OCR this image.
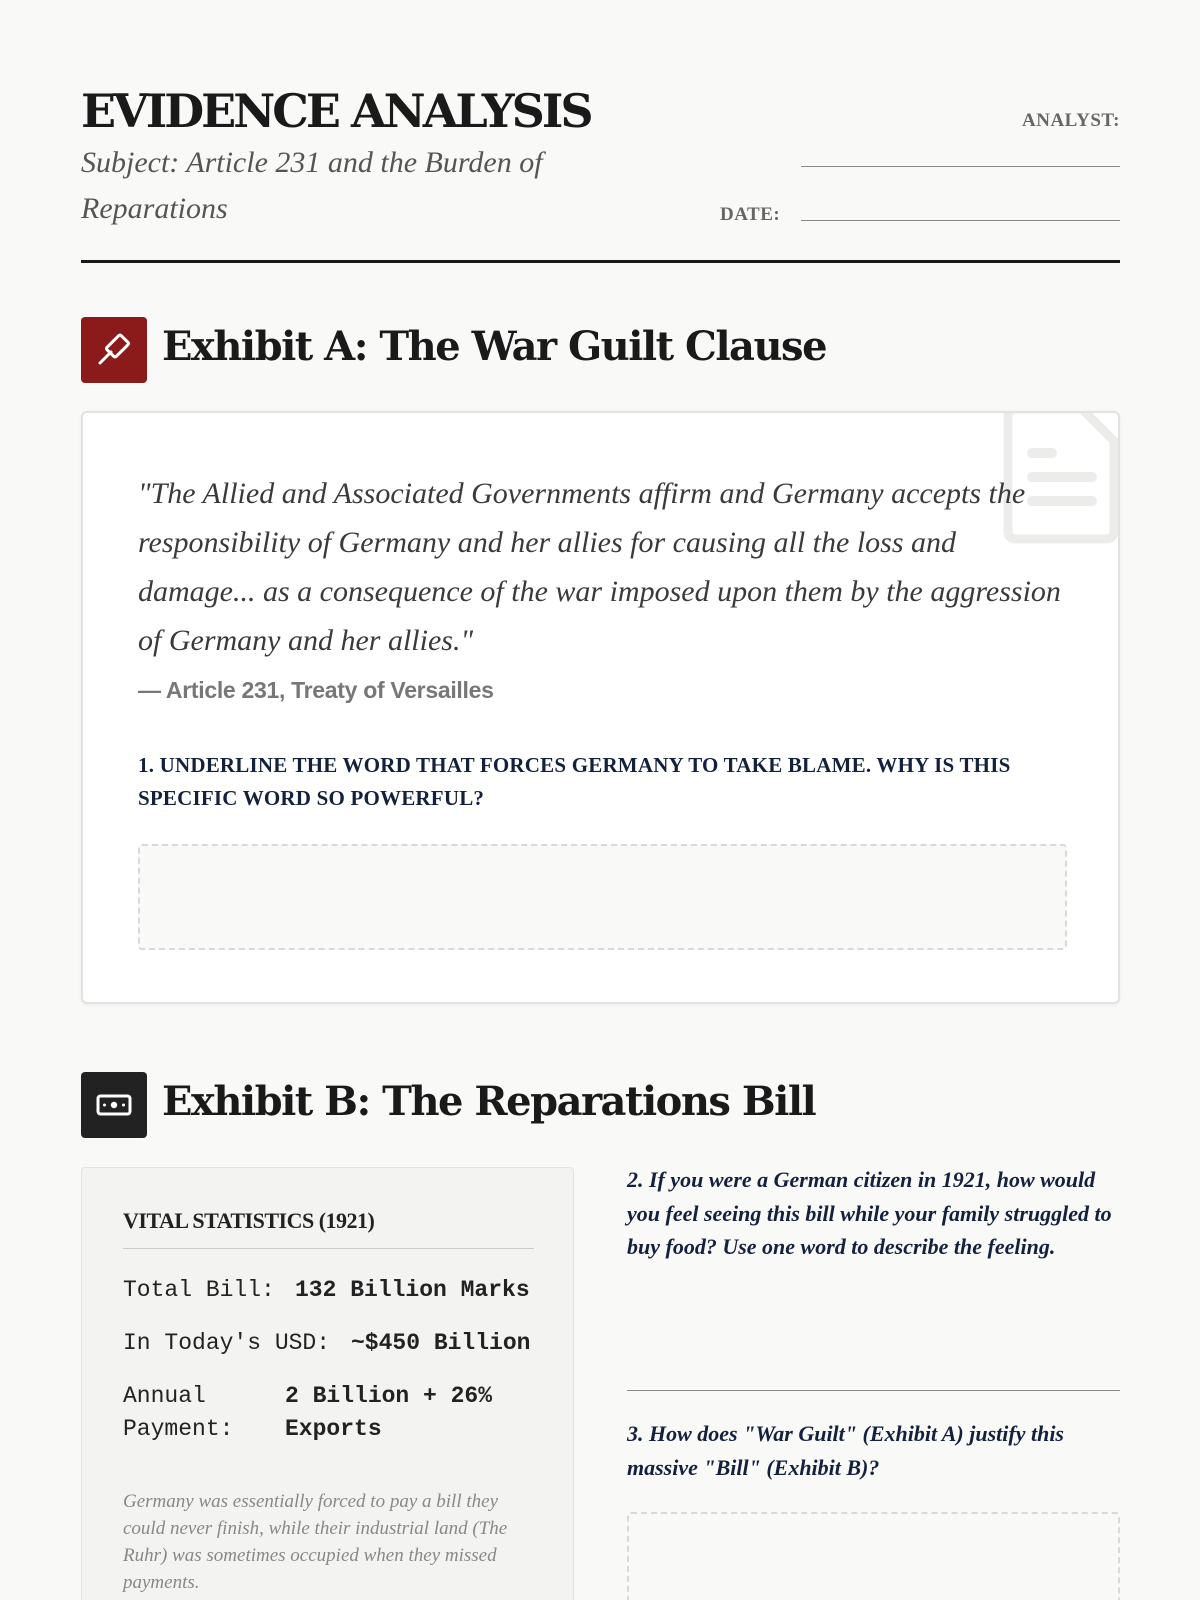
EVIDENCE ANALYSIS
Subject: Article 231 and the Burden of Reparations
ANALYST:
DATE:
Exhibit A: The War Guilt Clause
"The Allied and Associated Governments affirm and Germany accepts the responsibility of Germany and her allies for causing all the loss and damage... as a consequence of the war imposed upon them by the aggression of Germany and her allies."
— Article 231, Treaty of Versailles
1. UNDERLINE THE WORD THAT FORCES GERMANY TO TAKE BLAME. WHY IS THIS SPECIFIC WORD SO POWERFUL?
Exhibit B: The Reparations Bill
VITAL STATISTICS (1921)
Total Bill: 132 Billion Marks
In Today's USD: ~$450 Billion
Annual
Payment:
2 Billion + 26%
Exports
Germany was essentially forced to pay a bill they could never finish, while their industrial land (The Ruhr) was sometimes occupied when they missed payments.
2. If you were a German citizen in 1921, how would you feel seeing this bill while your family struggled to buy food? Use one word to describe the feeling.
3. How does "War Guilt" (Exhibit A) justify this massive "Bill" (Exhibit B)?
